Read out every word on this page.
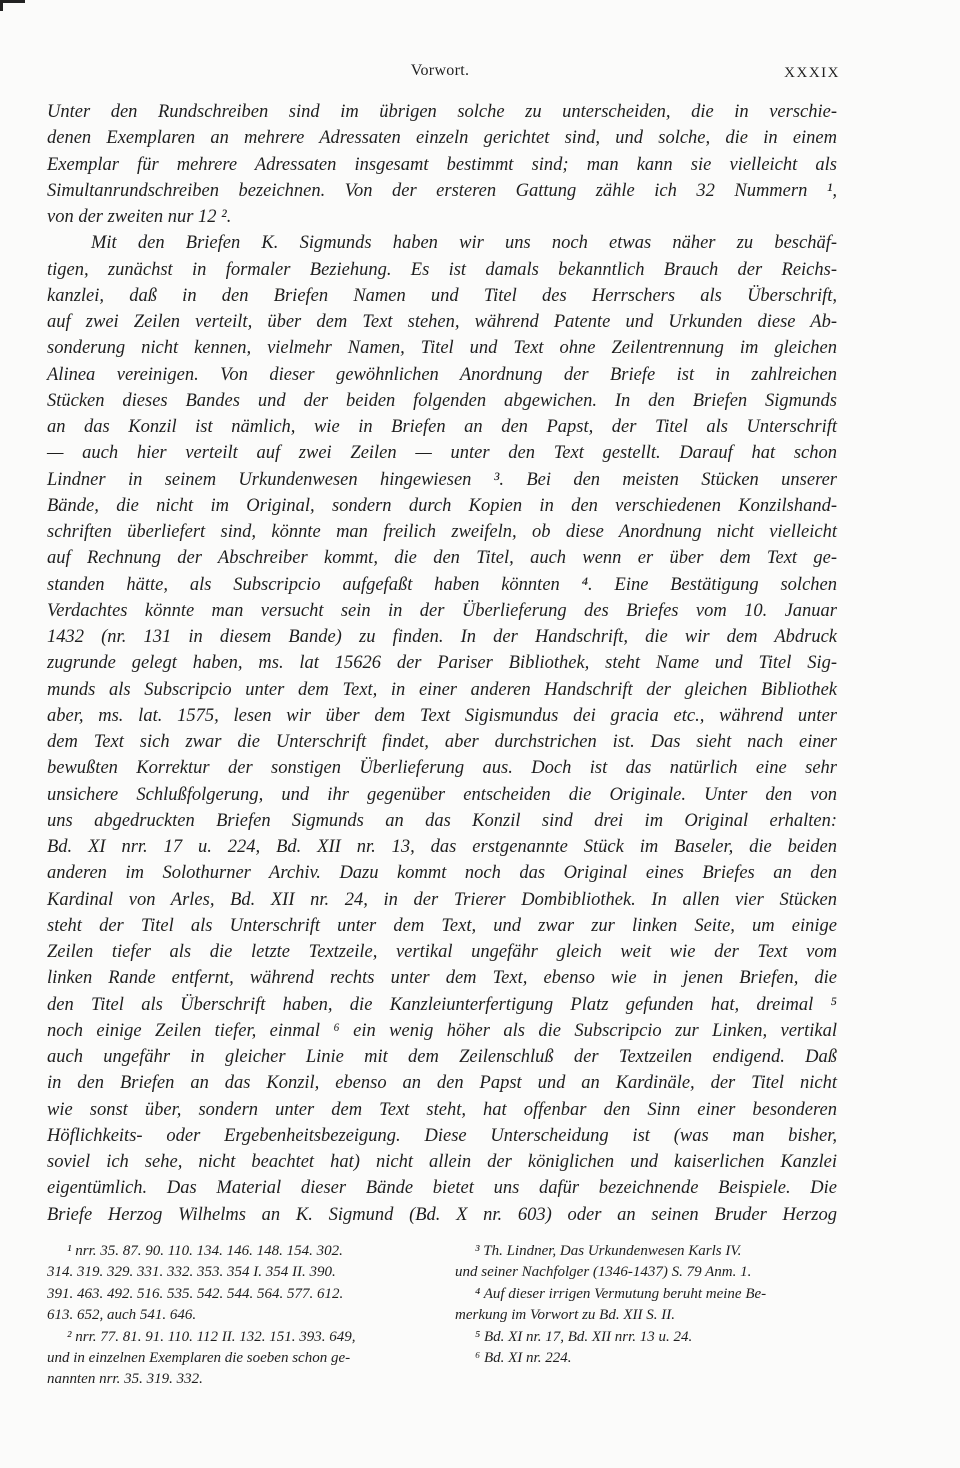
Vorwort.	XXXIX
Unter den Rundschreiben sind im übrigen solche zu unterscheiden, die in verschie-
denen Exemplaren an mehrere Adressaten einzeln gerichtet sind, und solche, die in einem
Exemplar für mehrere Adressaten insgesamt bestimmt sind; man kann sie vielleicht als
Simultanrundschreiben bezeichnen. Von der ersteren Gattung zähle ich 32 Nummern ¹,
von der zweiten nur 12 ².
Mit den Briefen K. Sigmunds haben wir uns noch etwas näher zu beschäf-
tigen, zunächst in formaler Beziehung. Es ist damals bekanntlich Brauch der Reichs-
kanzlei, daß in den Briefen Namen und Titel des Herrschers als Überschrift,
auf zwei Zeilen verteilt, über dem Text stehen, während Patente und Urkunden diese Ab-
sonderung nicht kennen, vielmehr Namen, Titel und Text ohne Zeilentrennung im gleichen
Alinea vereinigen. Von dieser gewöhnlichen Anordnung der Briefe ist in zahlreichen
Stücken dieses Bandes und der beiden folgenden abgewichen. In den Briefen Sigmunds
an das Konzil ist nämlich, wie in Briefen an den Papst, der Titel als Unterschrift
— auch hier verteilt auf zwei Zeilen — unter den Text gestellt. Darauf hat schon
Lindner in seinem Urkundenwesen hingewiesen ³. Bei den meisten Stücken unserer
Bände, die nicht im Original, sondern durch Kopien in den verschiedenen Konzilshand-
schriften überliefert sind, könnte man freilich zweifeln, ob diese Anordnung nicht vielleicht
auf Rechnung der Abschreiber kommt, die den Titel, auch wenn er über dem Text ge-
standen hätte, als Subscripcio aufgefaßt haben könnten ⁴. Eine Bestätigung solchen
Verdachtes könnte man versucht sein in der Überlieferung des Briefes vom 10. Januar
1432 (nr. 131 in diesem Bande) zu finden. In der Handschrift, die wir dem Abdruck
zugrunde gelegt haben, ms. lat 15626 der Pariser Bibliothek, steht Name und Titel Sig-
munds als Subscripcio unter dem Text, in einer anderen Handschrift der gleichen Bibliothek
aber, ms. lat. 1575, lesen wir über dem Text Sigismundus dei gracia etc., während unter
dem Text sich zwar die Unterschrift findet, aber durchstrichen ist. Das sieht nach einer
bewußten Korrektur der sonstigen Überlieferung aus. Doch ist das natürlich eine sehr
unsichere Schlußfolgerung, und ihr gegenüber entscheiden die Originale. Unter den von
uns abgedruckten Briefen Sigmunds an das Konzil sind drei im Original erhalten:
Bd. XI nrr. 17 u. 224, Bd. XII nr. 13, das erstgenannte Stück im Baseler, die beiden
anderen im Solothurner Archiv. Dazu kommt noch das Original eines Briefes an den
Kardinal von Arles, Bd. XII nr. 24, in der Trierer Dombibliothek. In allen vier Stücken
steht der Titel als Unterschrift unter dem Text, und zwar zur linken Seite, um einige
Zeilen tiefer als die letzte Textzeile, vertikal ungefähr gleich weit wie der Text vom
linken Rande entfernt, während rechts unter dem Text, ebenso wie in jenen Briefen, die
den Titel als Überschrift haben, die Kanzleiunterfertigung Platz gefunden hat, dreimal ⁵
noch einige Zeilen tiefer, einmal ⁶ ein wenig höher als die Subscripcio zur Linken, vertikal
auch ungefähr in gleicher Linie mit dem Zeilenschluß der Textzeilen endigend. Daß
in den Briefen an das Konzil, ebenso an den Papst und an Kardinäle, der Titel nicht
wie sonst über, sondern unter dem Text steht, hat offenbar den Sinn einer besonderen
Höflichkeits- oder Ergebenheitsbezeigung. Diese Unterscheidung ist (was man bisher,
soviel ich sehe, nicht beachtet hat) nicht allein der königlichen und kaiserlichen Kanzlei
eigentümlich. Das Material dieser Bände bietet uns dafür bezeichnende Beispiele. Die
Briefe Herzog Wilhelms an K. Sigmund (Bd. X nr. 603) oder an seinen Bruder Herzog
¹ nrr. 35. 87. 90. 110. 134. 146. 148. 154. 302.
314. 319. 329. 331. 332. 353. 354 I. 354 II. 390.
391. 463. 492. 516. 535. 542. 544. 564. 577. 612.
613. 652, auch 541. 646.
² nrr. 77. 81. 91. 110. 112 II. 132. 151. 393. 649,
und in einzelnen Exemplaren die soeben schon ge-
nannten nrr. 35. 319. 332.
³ Th. Lindner, Das Urkundenwesen Karls IV.
und seiner Nachfolger (1346-1437) S. 79 Anm. 1.
⁴ Auf dieser irrigen Vermutung beruht meine Be-
merkung im Vorwort zu Bd. XII S. II.
⁵ Bd. XI nr. 17, Bd. XII nrr. 13 u. 24.
⁶ Bd. XI nr. 224.
